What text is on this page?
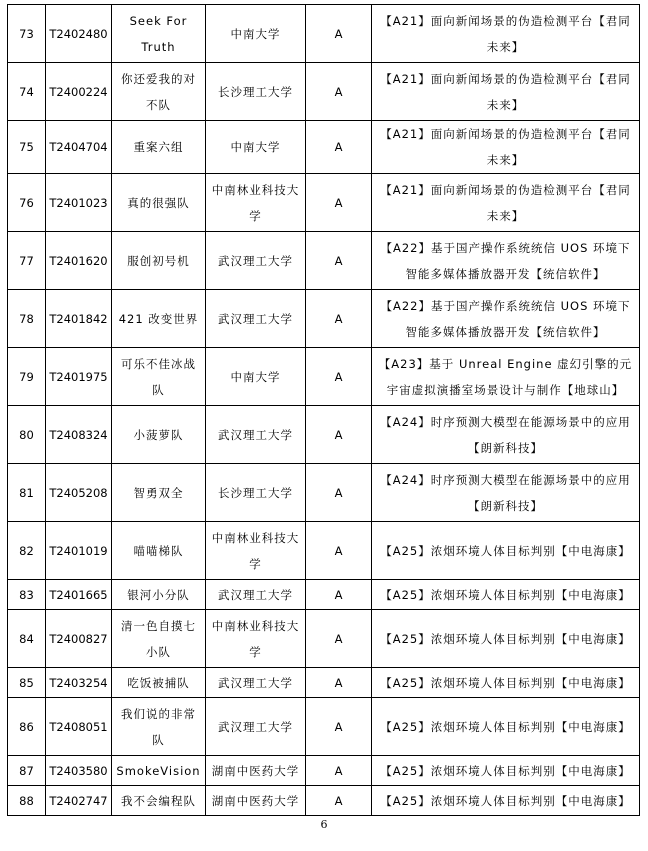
73	T2402480	Seek For Truth	中南大学	A	【A21】面向新闻场景的伪造检测平台【君同未来】
74	T2400224	你还爱我的对不队	长沙理工大学	A	【A21】面向新闻场景的伪造检测平台【君同未来】
75	T2404704	重案六组	中南大学	A	【A21】面向新闻场景的伪造检测平台【君同未来】
76	T2401023	真的很强队	中南林业科技大学	A	【A21】面向新闻场景的伪造检测平台【君同未来】
77	T2401620	服创初号机	武汉理工大学	A	【A22】基于国产操作系统统信 UOS 环境下智能多媒体播放器开发【统信软件】
78	T2401842	421 改变世界	武汉理工大学	A	【A22】基于国产操作系统统信 UOS 环境下智能多媒体播放器开发【统信软件】
79	T2401975	可乐不佳冰战队	中南大学	A	【A23】基于 Unreal Engine 虚幻引擎的元宇宙虚拟演播室场景设计与制作【地球山】
80	T2408324	小菠萝队	武汉理工大学	A	【A24】时序预测大模型在能源场景中的应用【朗新科技】
81	T2405208	智勇双全	长沙理工大学	A	【A24】时序预测大模型在能源场景中的应用【朗新科技】
82	T2401019	喵喵梯队	中南林业科技大学	A	【A25】浓烟环境人体目标判别【中电海康】
83	T2401665	银河小分队	武汉理工大学	A	【A25】浓烟环境人体目标判别【中电海康】
84	T2400827	清一色自摸七小队	中南林业科技大学	A	【A25】浓烟环境人体目标判别【中电海康】
85	T2403254	吃饭被捕队	武汉理工大学	A	【A25】浓烟环境人体目标判别【中电海康】
86	T2408051	我们说的非常队	武汉理工大学	A	【A25】浓烟环境人体目标判别【中电海康】
87	T2403580	SmokeVision	湖南中医药大学	A	【A25】浓烟环境人体目标判别【中电海康】
88	T2402747	我不会编程队	湖南中医药大学	A	【A25】浓烟环境人体目标判别【中电海康】
6
